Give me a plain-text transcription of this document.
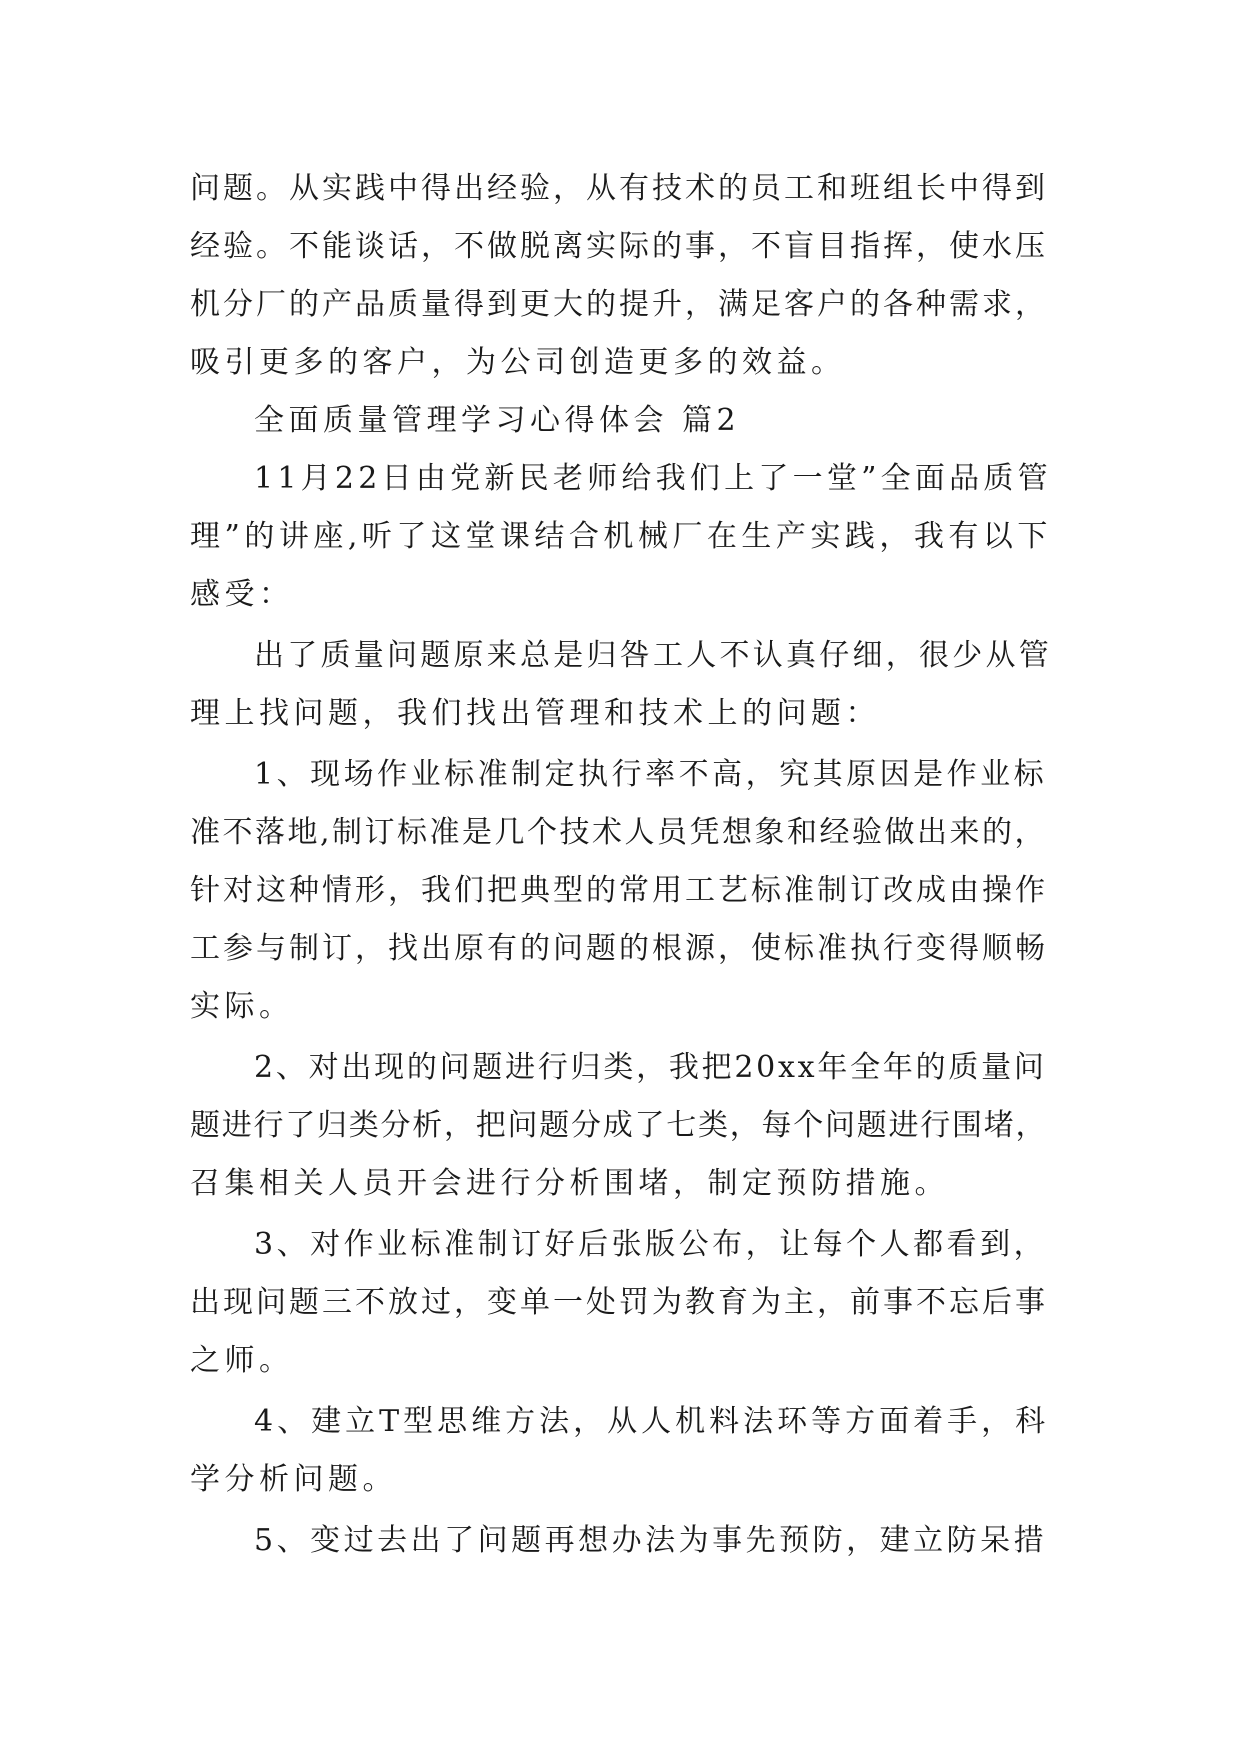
问题。从实践中得出经验，从有技术的员工和班组长中得到
经验。不能谈话，不做脱离实际的事，不盲目指挥，使水压
机分厂的产品质量得到更大的提升，满足客户的各种需求，
吸引更多的客户，为公司创造更多的效益。
全面质量管理学习心得体会 篇2
11月22日由党新民老师给我们上了一堂”全面品质管
理”的讲座,听了这堂课结合机械厂在生产实践，我有以下
感受：
出了质量问题原来总是归咎工人不认真仔细，很少从管
理上找问题，我们找出管理和技术上的问题：
1、现场作业标准制定执行率不高，究其原因是作业标
准不落地,制订标准是几个技术人员凭想象和经验做出来的，
针对这种情形，我们把典型的常用工艺标准制订改成由操作
工参与制订，找出原有的问题的根源，使标准执行变得顺畅
实际。
2、对出现的问题进行归类，我把20xx年全年的质量问
题进行了归类分析，把问题分成了七类，每个问题进行围堵，
召集相关人员开会进行分析围堵，制定预防措施。
3、对作业标准制订好后张版公布，让每个人都看到，
出现问题三不放过，变单一处罚为教育为主，前事不忘后事
之师。
4、建立T型思维方法，从人机料法环等方面着手，科
学分析问题。
5、变过去出了问题再想办法为事先预防，建立防呆措
